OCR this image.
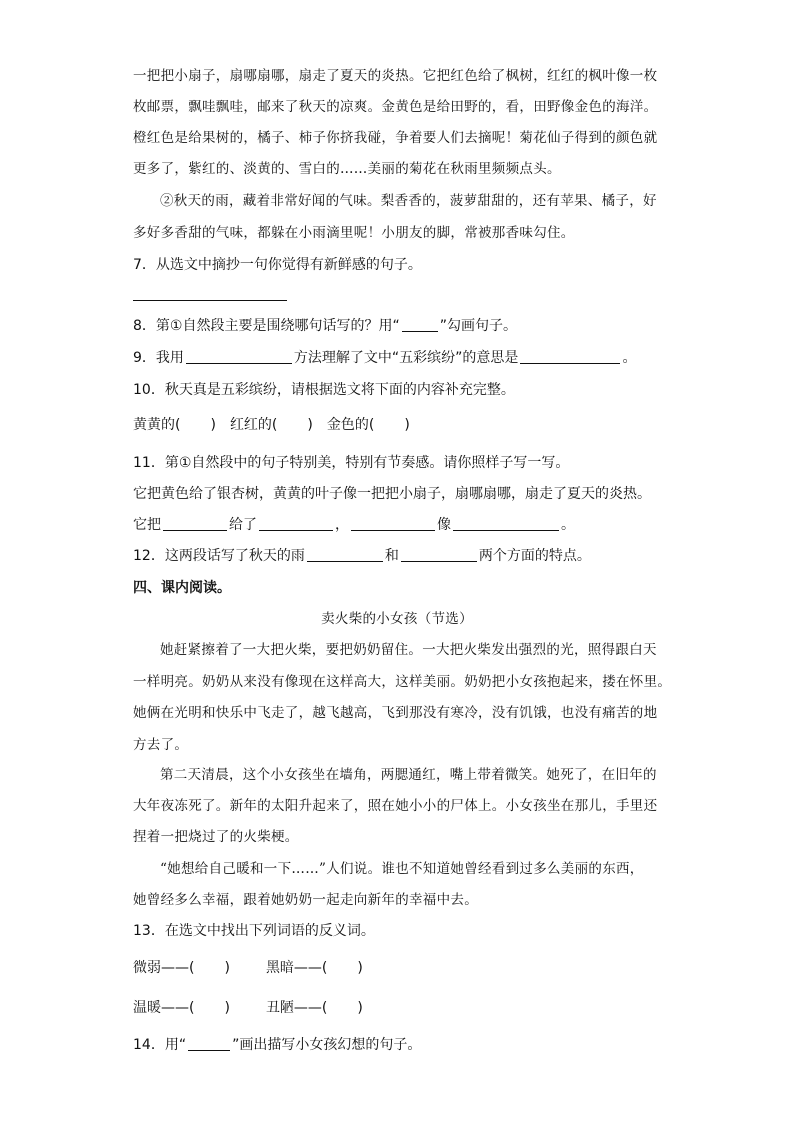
一把把小扇子，扇哪扇哪，扇走了夏天的炎热。它把红色给了枫树，红红的枫叶像一枚
枚邮票，飘哇飘哇，邮来了秋天的凉爽。金黄色是给田野的，看，田野像金色的海洋。
橙红色是给果树的，橘子、柿子你挤我碰，争着要人们去摘呢！菊花仙子得到的颜色就
更多了，紫红的、淡黄的、雪白的……美丽的菊花在秋雨里频频点头。
②秋天的雨，藏着非常好闻的气味。梨香香的，菠萝甜甜的，还有苹果、橘子，好
多好多香甜的气味，都躲在小雨滴里呢！小朋友的脚，常被那香味勾住。
7．从选文中摘抄一句你觉得有新鲜感的句子。
8．第①自然段主要是围绕哪句话写的？用“	”勾画句子。
9．我用	方法理解了文中“五彩缤纷”的意思是	。
10．秋天真是五彩缤纷，请根据选文将下面的内容补充完整。
黄黄的( ) 红红的( ) 金色的( )
11．第①自然段中的句子特别美，特别有节奏感。请你照样子写一写。
它把黄色给了银杏树，黄黄的叶子像一把把小扇子，扇哪扇哪，扇走了夏天的炎热。
它把	给了	，	像	。
12．这两段话写了秋天的雨	和	两个方面的特点。
四、课内阅读。
卖火柴的小女孩（节选）
她赶紧擦着了一大把火柴，要把奶奶留住。一大把火柴发出强烈的光，照得跟白天
一样明亮。奶奶从来没有像现在这样高大，这样美丽。奶奶把小女孩抱起来，搂在怀里。
她俩在光明和快乐中飞走了，越飞越高，飞到那没有寒冷，没有饥饿，也没有痛苦的地
方去了。
第二天清晨，这个小女孩坐在墙角，两腮通红，嘴上带着微笑。她死了，在旧年的
大年夜冻死了。新年的太阳升起来了，照在她小小的尸体上。小女孩坐在那儿，手里还
捏着一把烧过了的火柴梗。
“她想给自己暖和一下……”人们说。谁也不知道她曾经看到过多么美丽的东西，
她曾经多么幸福，跟着她奶奶一起走向新年的幸福中去。
13．在选文中找出下列词语的反义词。
微弱——( )	黑暗——( )
温暖——( )	丑陋——( )
14．用“	”画出描写小女孩幻想的句子。
